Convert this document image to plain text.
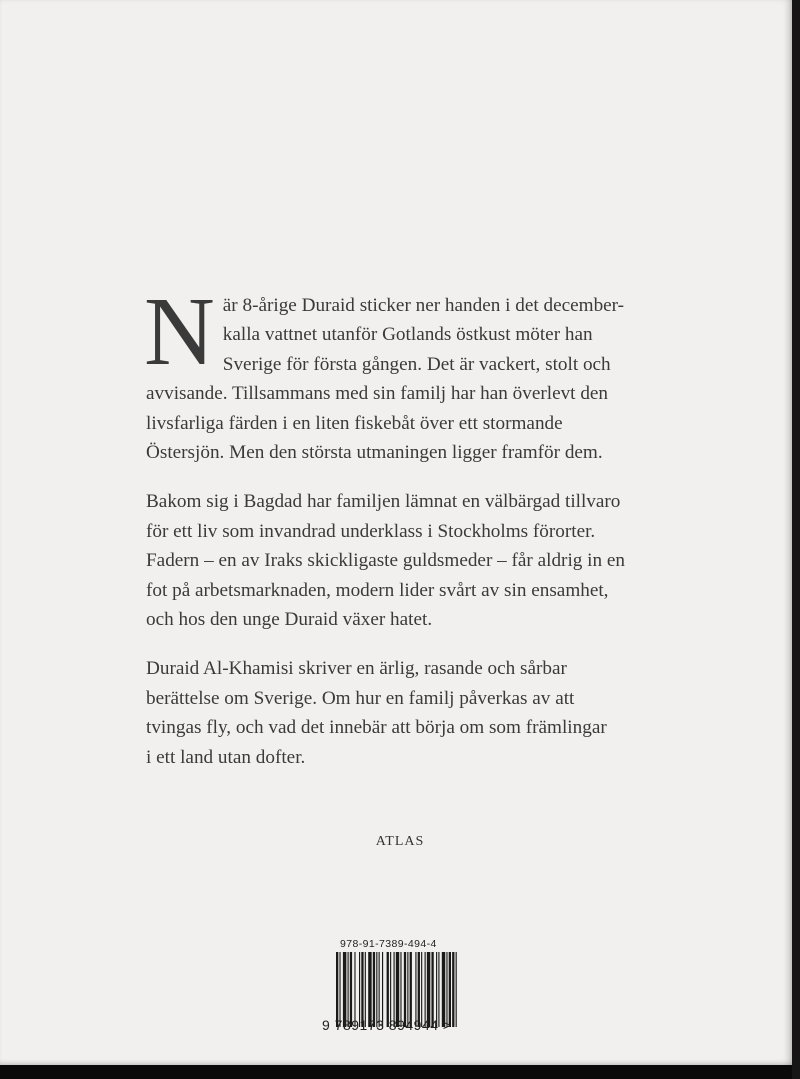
N är 8-årige Duraid sticker ner handen i det december-
kalla vattnet utanför Gotlands östkust möter han
Sverige för första gången. Det är vackert, stolt och
avvisande. Tillsammans med sin familj har han överlevt den
livsfarliga färden i en liten fiskebåt över ett stormande
Östersjön. Men den största utmaningen ligger framför dem.
Bakom sig i Bagdad har familjen lämnat en välbärgad tillvaro
för ett liv som invandrad underklass i Stockholms förorter.
Fadern – en av Iraks skickligaste guldsmeder – får aldrig in en
fot på arbetsmarknaden, modern lider svårt av sin ensamhet,
och hos den unge Duraid växer hatet.
Duraid Al-Khamisi skriver en ärlig, rasande och sårbar
berättelse om Sverige. Om hur en familj påverkas av att
tvingas fly, och vad det innebär att börja om som främlingar
i ett land utan dofter.
ATLAS
978-91-7389-494-4
9 789173 894944 >
